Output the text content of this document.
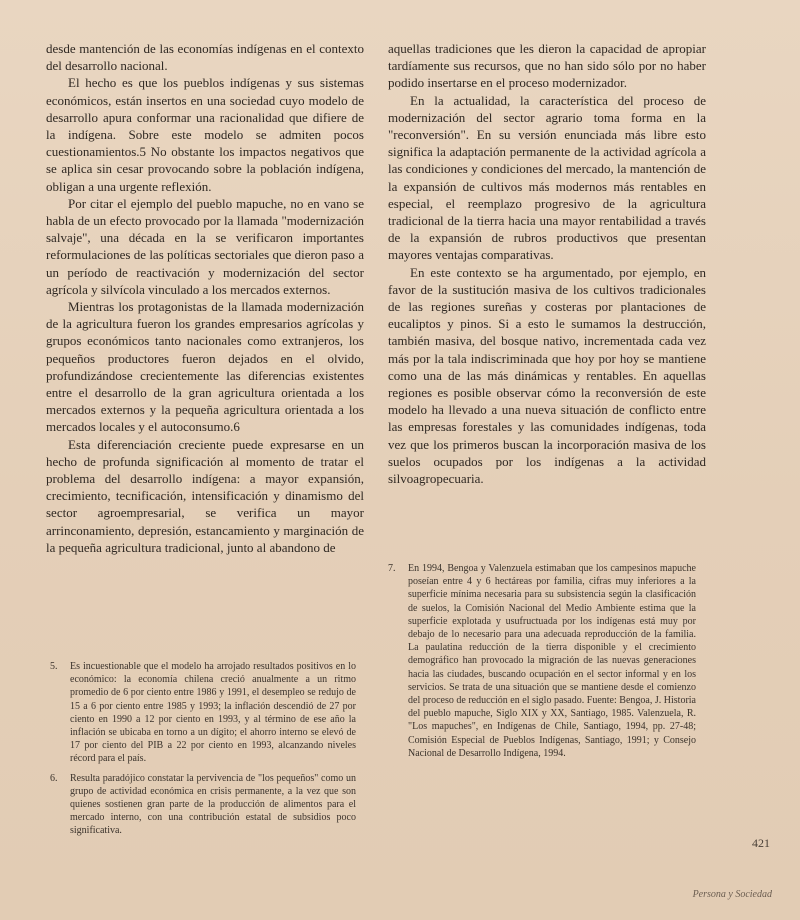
desde mantención de las economías indígenas en el contexto del desarrollo nacional.

El hecho es que los pueblos indígenas y sus sistemas económicos, están insertos en una sociedad cuyo modelo de desarrollo apura conformar una racionalidad que difiere de la indígena. Sobre este modelo se admiten pocos cuestionamientos.5 No obstante los impactos negativos que se aplica sin cesar provocando sobre la población indígena, obligan a una urgente reflexión.

Por citar el ejemplo del pueblo mapuche, no en vano se habla de un efecto provocado por la llamada "modernización salvaje", una década en la se verificaron importantes reformulaciones de las políticas sectoriales que dieron paso a un período de reactivación y modernización del sector agrícola y silvícola vinculado a los mercados externos.

Mientras los protagonistas de la llamada modernización de la agricultura fueron los grandes empresarios agrícolas y grupos económicos tanto nacionales como extranjeros, los pequeños productores fueron dejados en el olvido, profundizándose crecientemente las diferencias existentes entre el desarrollo de la gran agricultura orientada a los mercados externos y la pequeña agricultura orientada a los mercados locales y el autoconsumo.6

Esta diferenciación creciente puede expresarse en un hecho de profunda significación al momento de tratar el problema del desarrollo indígena: a mayor expansión, crecimiento, tecnificación, intensificación y dinamismo del sector agroempresarial, se verifica un mayor arrinconamiento, depresión, estancamiento y marginación de la pequeña agricultura tradicional, junto al abandono de

aquellas tradiciones que les dieron la capacidad de apropiar tardíamente sus recursos, que no han sido sólo por no haber podido insertarse en el proceso modernizador.

En la actualidad, la característica del proceso de modernización del sector agrario toma forma en la "reconversión". En su versión enunciada más libre esto significa la adaptación permanente de la actividad agrícola a las condiciones y condiciones del mercado, la mantención de la expansión de cultivos más modernos más rentables en especial, el reemplazo progresivo de la agricultura tradicional de la tierra hacia una mayor rentabilidad a través de la expansión de rubros productivos que presentan mayores ventajas comparativas.

En este contexto se ha argumentado, por ejemplo, en favor de la sustitución masiva de los cultivos tradicionales de las regiones sureñas y costeras por plantaciones de eucaliptos y pinos. Si a esto le sumamos la destrucción, también masiva, del bosque nativo, incrementada cada vez más por la tala indiscriminada que hoy por hoy se mantiene como una de las más dinámicas y rentables. En aquellas regiones es posible observar cómo la reconversión de este modelo ha llevado a una nueva situación de conflicto entre las empresas forestales y las comunidades indígenas, toda vez que los primeros buscan la incorporación masiva de los suelos ocupados por los indígenas a la actividad silvoagropecuaria.

5.	Es incuestionable que el modelo ha arrojado resultados positivos en lo económico: la economía chilena creció anualmente a un ritmo promedio de 6 por ciento entre 1986 y 1991, el desempleo se redujo de 15 a 6 por ciento entre 1985 y 1993; la inflación descendió de 27 por ciento en 1990 a 12 por ciento en 1993, y al término de ese año la inflación se ubicaba en torno a un dígito; el ahorro interno se elevó de 17 por ciento del PIB a 22 por ciento en 1993, alcanzando niveles récord para el país.
6.	Resulta paradójico constatar la pervivencia de "los pequeños" como un grupo de actividad económica en crisis permanente, a la vez que son quienes sostienen gran parte de la producción de alimentos para el mercado interno, con una contribución estatal de subsidios poco significativa.
7.	En 1994, Bengoa y Valenzuela estimaban que los campesinos mapuche poseían entre 4 y 6 hectáreas por familia, cifras muy inferiores a la superficie mínima necesaria para su subsistencia según la clasificación de suelos, la Comisión Nacional del Medio Ambiente estima que la superficie explotada y usufructuada por los indígenas está muy por debajo de lo necesario para una adecuada reproducción de la familia. La paulatina reducción de la tierra disponible y el crecimiento demográfico han provocado la migración de las nuevas generaciones hacia las ciudades, buscando ocupación en el sector informal y en los servicios. Se trata de una situación que se mantiene desde el comienzo del proceso de reducción en el siglo pasado. Fuente: Bengoa, J. Historia del pueblo mapuche, Siglo XIX y XX, Santiago, 1985. Valenzuela, R. "Los mapuches", en Indígenas de Chile, Santiago, 1994, pp. 27-48; Comisión Especial de Pueblos Indígenas, Santiago, 1991; y Consejo Nacional de Desarrollo Indígena, 1994.
421
Persona y Sociedad
